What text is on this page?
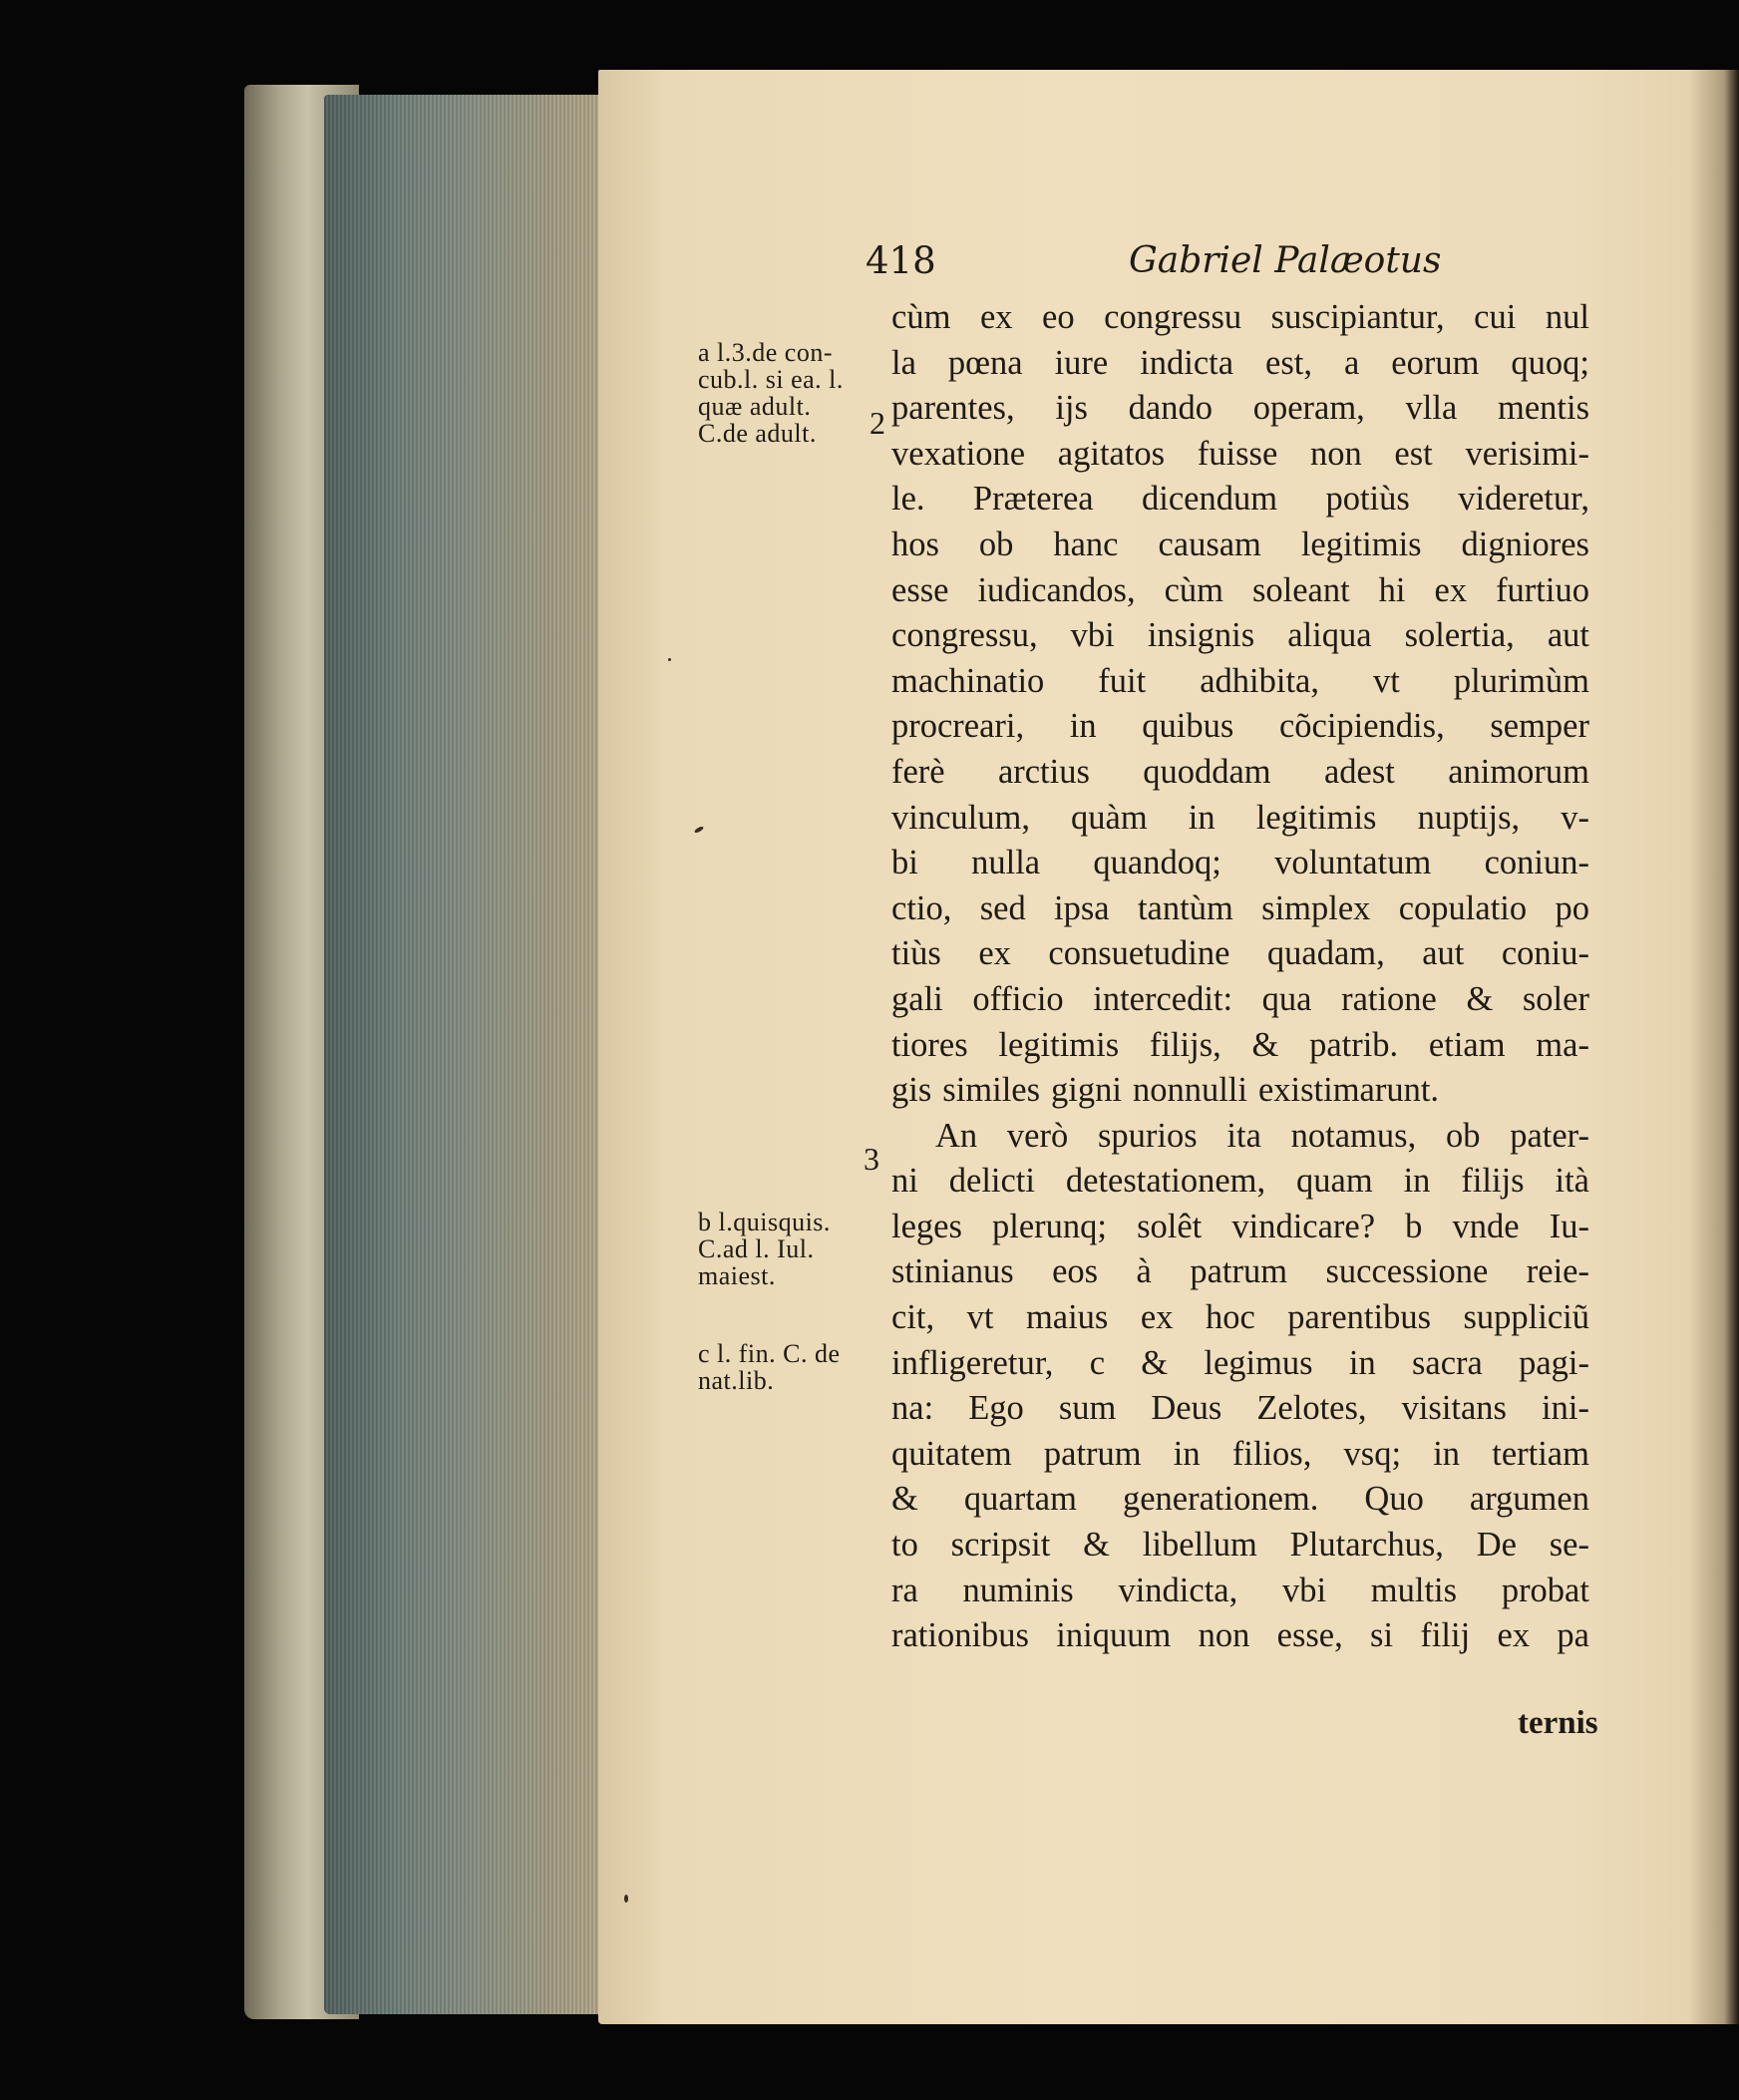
418	Gabriel Palæotus
a l.3.de con-
cub.l. si ea. l.
quæ adult.
C.de adult.
b l.quisquis.
C.ad l. Iul.
maiest.
c l. fin. C. de
nat.lib.
2
3
cùm ex eo congressu suscipiantur, cui nul
la pœna iure indicta est, a eorum quoq;
parentes, ijs dando operam, vlla mentis
vexatione agitatos fuisse non est verisimi-
le. Præterea dicendum potiùs videretur,
hos ob hanc causam legitimis digniores
esse iudicandos, cùm soleant hi ex furtiuo
congressu, vbi insignis aliqua solertia, aut
machinatio fuit adhibita, vt plurimùm
procreari, in quibus cõcipiendis, semper
ferè arctius quoddam adest animorum
vinculum, quàm in legitimis nuptijs, v-
bi nulla quandoq; voluntatum coniun-
ctio, sed ipsa tantùm simplex copulatio po
tiùs ex consuetudine quadam, aut coniu-
gali officio intercedit: qua ratione & soler
tiores legitimis filijs, & patrib. etiam ma-
gis similes gigni nonnulli existimarunt.
An verò spurios ita notamus, ob pater-
ni delicti detestationem, quam in filijs ità
leges plerunq; solêt vindicare? b vnde Iu-
stinianus eos à patrum successione reie-
cit, vt maius ex hoc parentibus suppliciũ
infligeretur, c & legimus in sacra pagi-
na: Ego sum Deus Zelotes, visitans ini-
quitatem patrum in filios, vsq; in tertiam
& quartam generationem. Quo argumen
to scripsit & libellum Plutarchus, De se-
ra numinis vindicta, vbi multis probat
rationibus iniquum non esse, si filij ex pa
ternis
